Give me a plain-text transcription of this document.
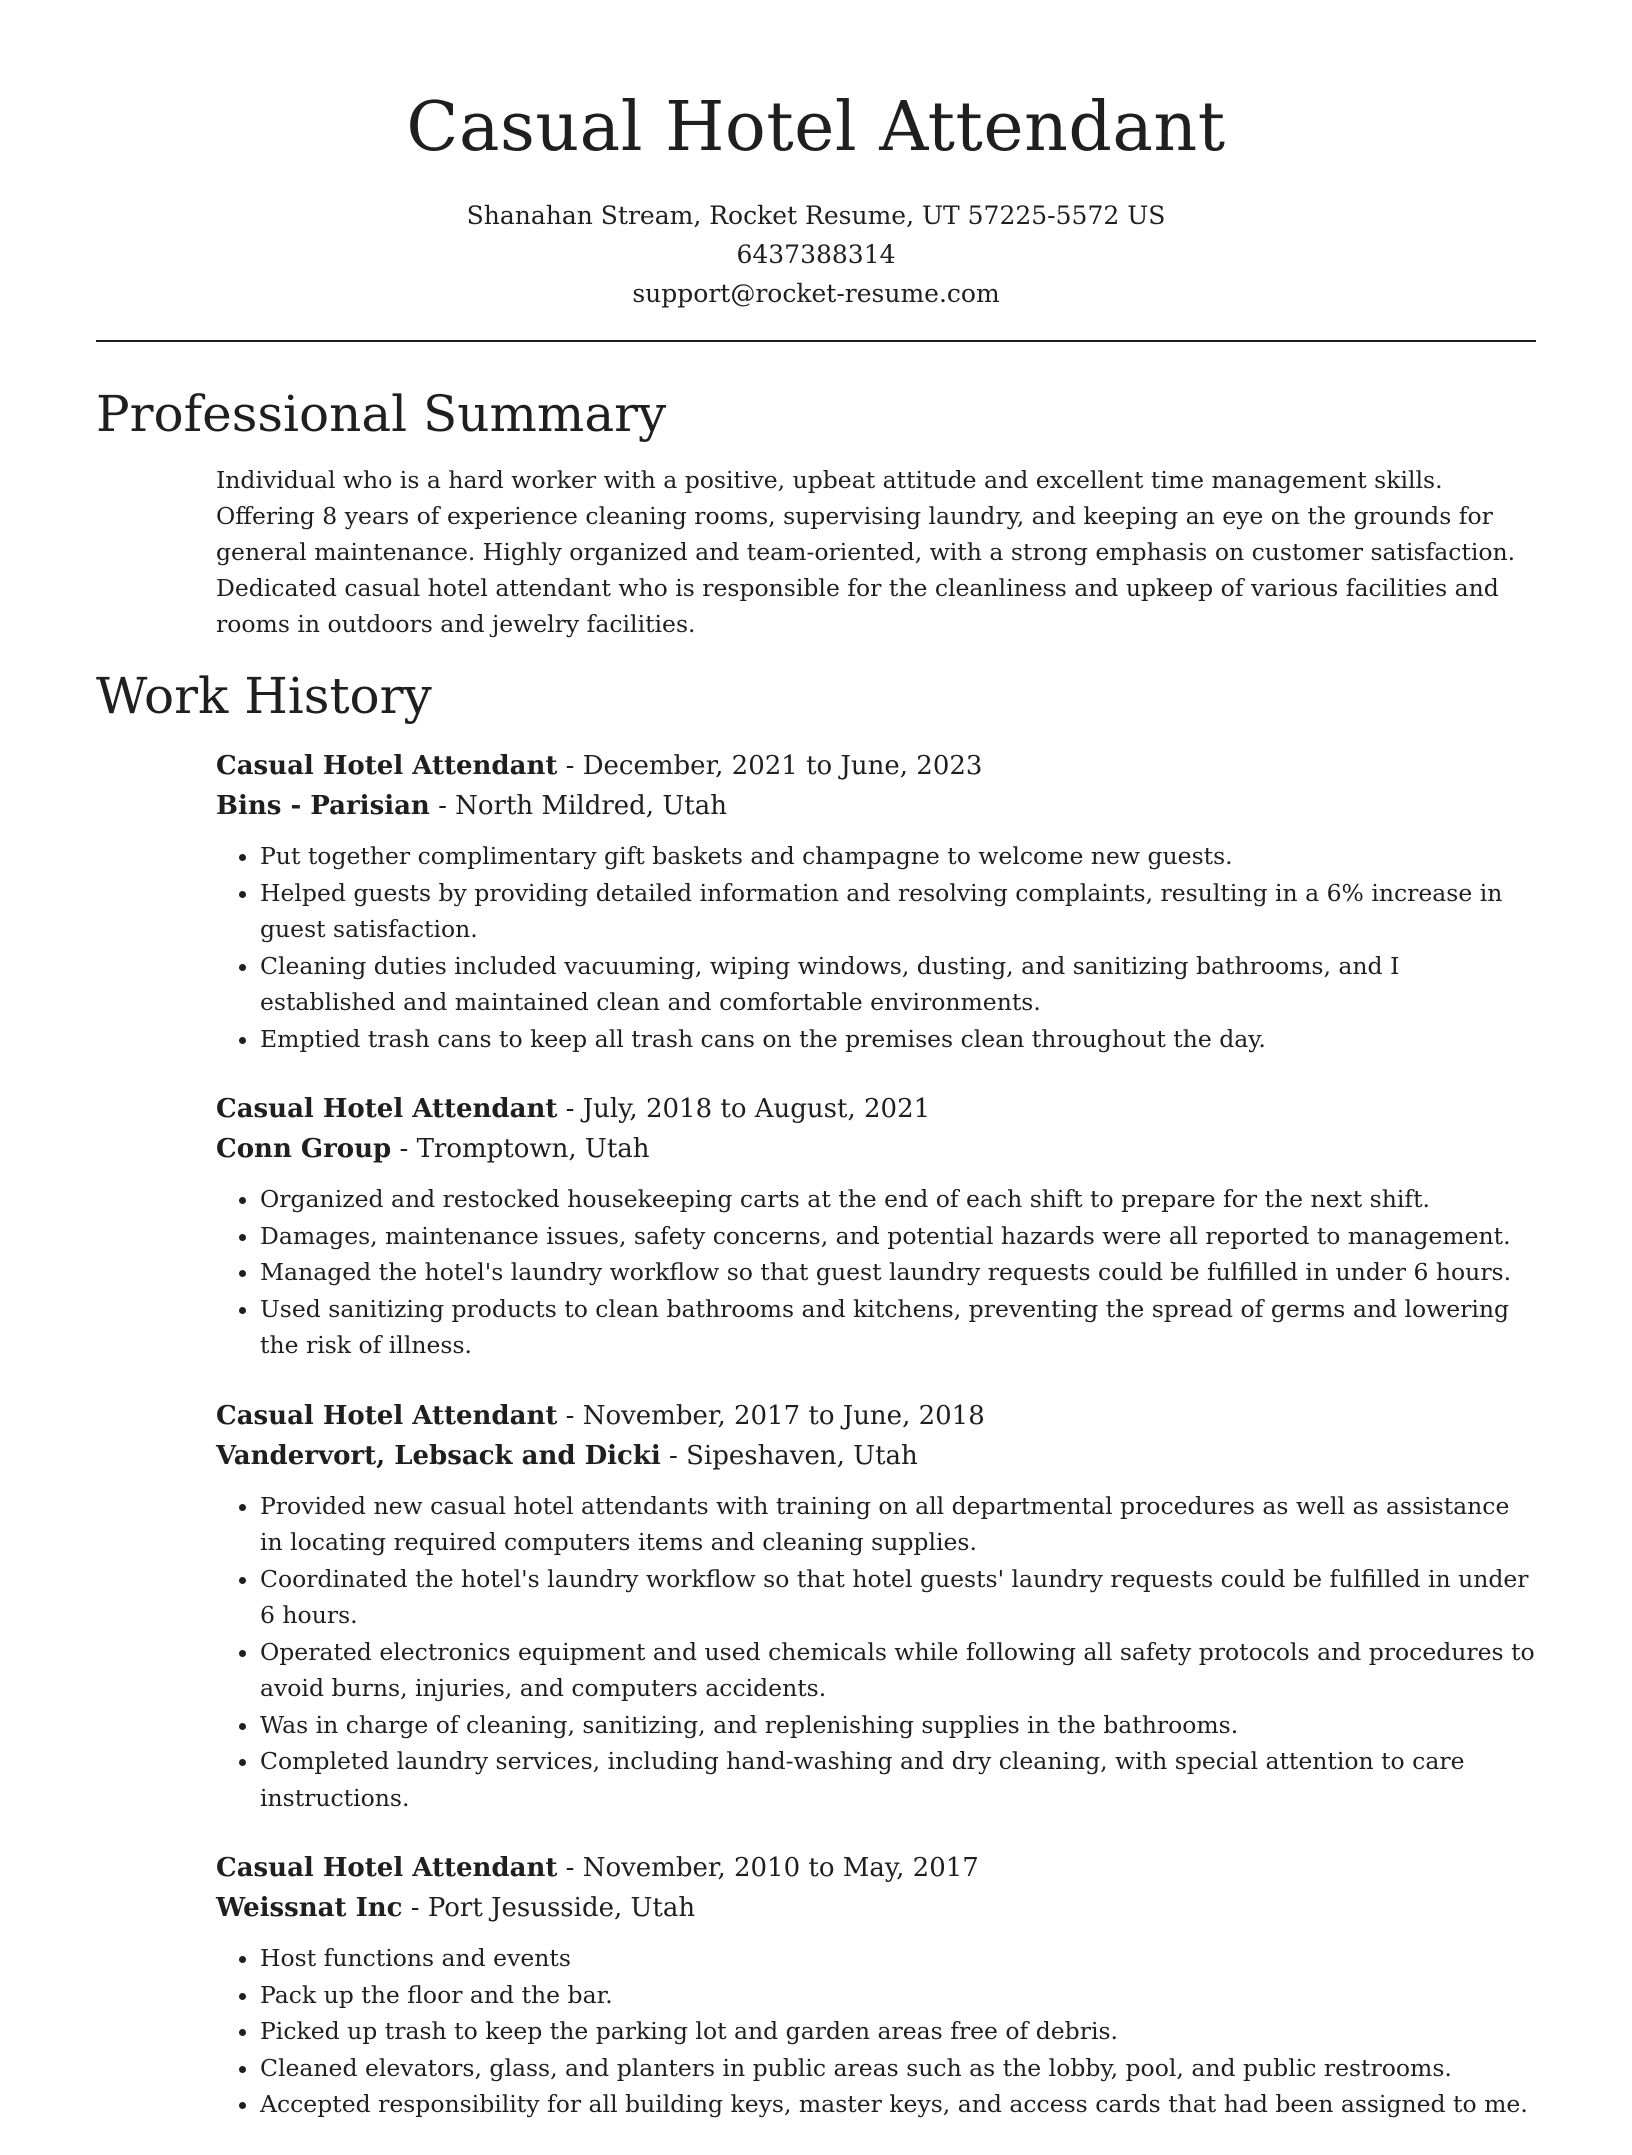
Casual Hotel Attendant
Shanahan Stream, Rocket Resume, UT 57225-5572 US
6437388314
support@rocket-resume.com
Professional Summary

Individual who is a hard worker with a positive, upbeat attitude and excellent time management skills. Offering 8 years of experience cleaning rooms, supervising laundry, and keeping an eye on the grounds for general maintenance. Highly organized and team-oriented, with a strong emphasis on customer satisfaction. Dedicated casual hotel attendant who is responsible for the cleanliness and upkeep of various facilities and rooms in outdoors and jewelry facilities.

Work History

Casual Hotel Attendant - December, 2021 to June, 2023

Bins - Parisian - North Mildred, Utah

• Put together complimentary gift baskets and champagne to welcome new guests.
• Helped guests by providing detailed information and resolving complaints, resulting in a 6% increase in guest satisfaction.
• Cleaning duties included vacuuming, wiping windows, dusting, and sanitizing bathrooms, and I established and maintained clean and comfortable environments.
• Emptied trash cans to keep all trash cans on the premises clean throughout the day.

Casual Hotel Attendant - July, 2018 to August, 2021

Conn Group - Tromptown, Utah

• Organized and restocked housekeeping carts at the end of each shift to prepare for the next shift.
• Damages, maintenance issues, safety concerns, and potential hazards were all reported to management.
• Managed the hotel's laundry workflow so that guest laundry requests could be fulfilled in under 6 hours.
• Used sanitizing products to clean bathrooms and kitchens, preventing the spread of germs and lowering the risk of illness.

Casual Hotel Attendant - November, 2017 to June, 2018

Vandervort, Lebsack and Dicki - Sipeshaven, Utah

• Provided new casual hotel attendants with training on all departmental procedures as well as assistance in locating required computers items and cleaning supplies.
• Coordinated the hotel's laundry workflow so that hotel guests' laundry requests could be fulfilled in under 6 hours.
• Operated electronics equipment and used chemicals while following all safety protocols and procedures to avoid burns, injuries, and computers accidents.
• Was in charge of cleaning, sanitizing, and replenishing supplies in the bathrooms.
• Completed laundry services, including hand-washing and dry cleaning, with special attention to care instructions.

Casual Hotel Attendant - November, 2010 to May, 2017

Weissnat Inc - Port Jesusside, Utah

• Host functions and events
• Pack up the floor and the bar.
• Picked up trash to keep the parking lot and garden areas free of debris.
• Cleaned elevators, glass, and planters in public areas such as the lobby, pool, and public restrooms.
• Accepted responsibility for all building keys, master keys, and access cards that had been assigned to me.
